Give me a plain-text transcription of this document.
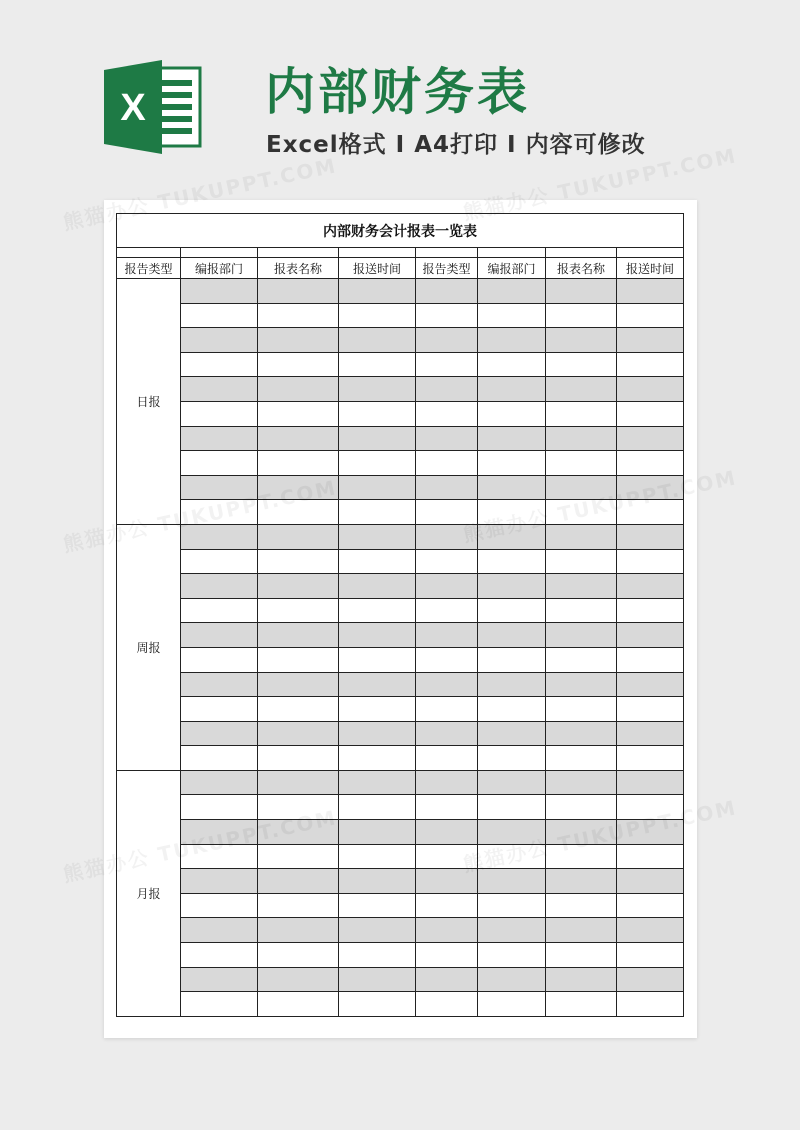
X 内部财务表
Excel格式 I A4打印 I 内容可修改
内部财务会计报表一览表							

报告类型	编报部门	报表名称	报送时间	报告类型	编报部门	报表名称	报送时间
日报							

周报							

月报							

熊猫办公 TUKUPPT.COM	熊猫办公 TUKUPPT.COM
